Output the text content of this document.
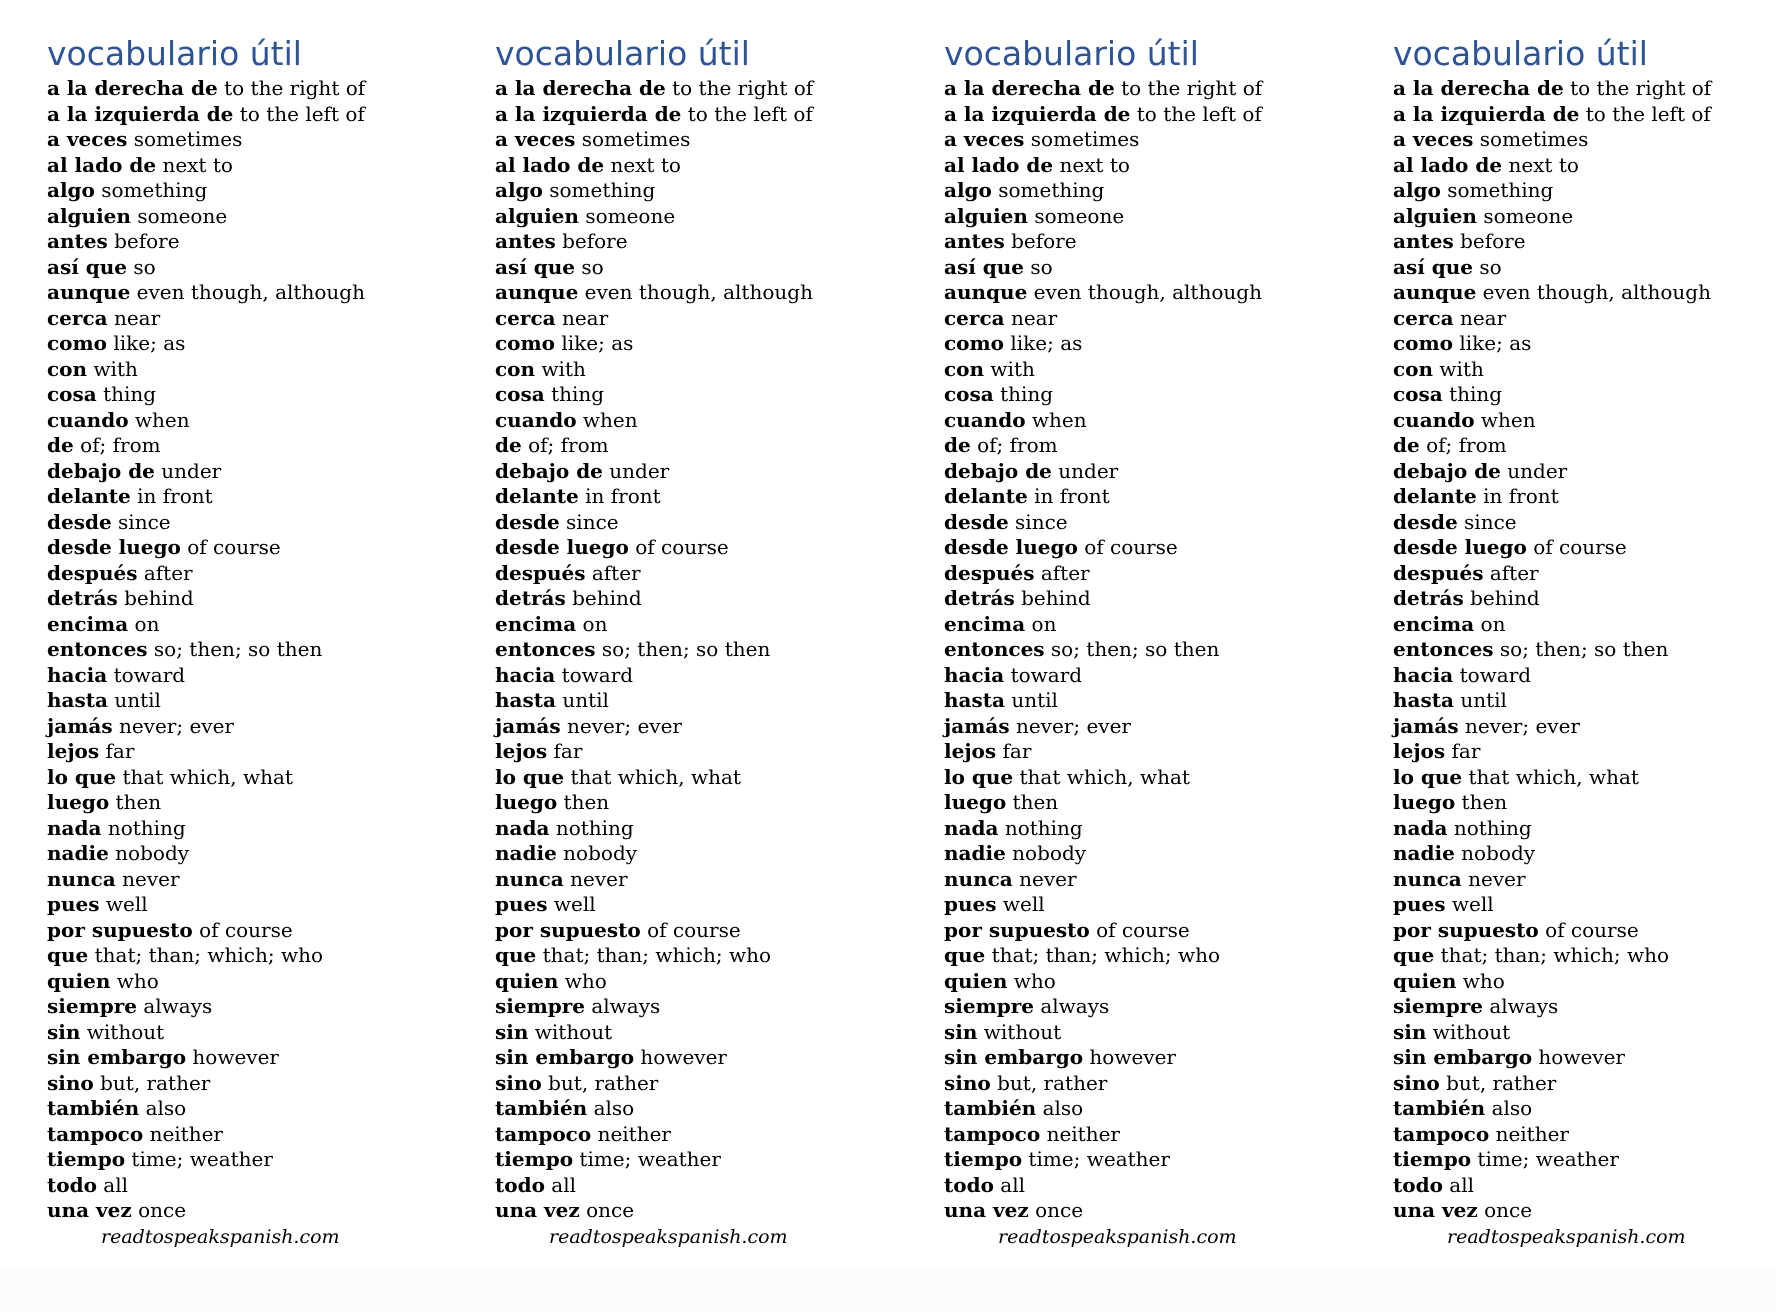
vocabulario útil
a la derecha de to the right of
a la izquierda de to the left of
a veces sometimes
al lado de next to
algo something
alguien someone
antes before
así que so
aunque even though, although
cerca near
como like; as
con with
cosa thing
cuando when
de of; from
debajo de under
delante in front
desde since
desde luego of course
después after
detrás behind
encima on
entonces so; then; so then
hacia toward
hasta until
jamás never; ever
lejos far
lo que that which, what
luego then
nada nothing
nadie nobody
nunca never
pues well
por supuesto of course
que that; than; which; who
quien who
siempre always
sin without
sin embargo however
sino but, rather
también also
tampoco neither
tiempo time; weather
todo all
una vez once
readtospeakspanish.com
vocabulario útil
a la derecha de to the right of
a la izquierda de to the left of
a veces sometimes
al lado de next to
algo something
alguien someone
antes before
así que so
aunque even though, although
cerca near
como like; as
con with
cosa thing
cuando when
de of; from
debajo de under
delante in front
desde since
desde luego of course
después after
detrás behind
encima on
entonces so; then; so then
hacia toward
hasta until
jamás never; ever
lejos far
lo que that which, what
luego then
nada nothing
nadie nobody
nunca never
pues well
por supuesto of course
que that; than; which; who
quien who
siempre always
sin without
sin embargo however
sino but, rather
también also
tampoco neither
tiempo time; weather
todo all
una vez once
readtospeakspanish.com
vocabulario útil
a la derecha de to the right of
a la izquierda de to the left of
a veces sometimes
al lado de next to
algo something
alguien someone
antes before
así que so
aunque even though, although
cerca near
como like; as
con with
cosa thing
cuando when
de of; from
debajo de under
delante in front
desde since
desde luego of course
después after
detrás behind
encima on
entonces so; then; so then
hacia toward
hasta until
jamás never; ever
lejos far
lo que that which, what
luego then
nada nothing
nadie nobody
nunca never
pues well
por supuesto of course
que that; than; which; who
quien who
siempre always
sin without
sin embargo however
sino but, rather
también also
tampoco neither
tiempo time; weather
todo all
una vez once
readtospeakspanish.com
vocabulario útil
a la derecha de to the right of
a la izquierda de to the left of
a veces sometimes
al lado de next to
algo something
alguien someone
antes before
así que so
aunque even though, although
cerca near
como like; as
con with
cosa thing
cuando when
de of; from
debajo de under
delante in front
desde since
desde luego of course
después after
detrás behind
encima on
entonces so; then; so then
hacia toward
hasta until
jamás never; ever
lejos far
lo que that which, what
luego then
nada nothing
nadie nobody
nunca never
pues well
por supuesto of course
que that; than; which; who
quien who
siempre always
sin without
sin embargo however
sino but, rather
también also
tampoco neither
tiempo time; weather
todo all
una vez once
readtospeakspanish.com
